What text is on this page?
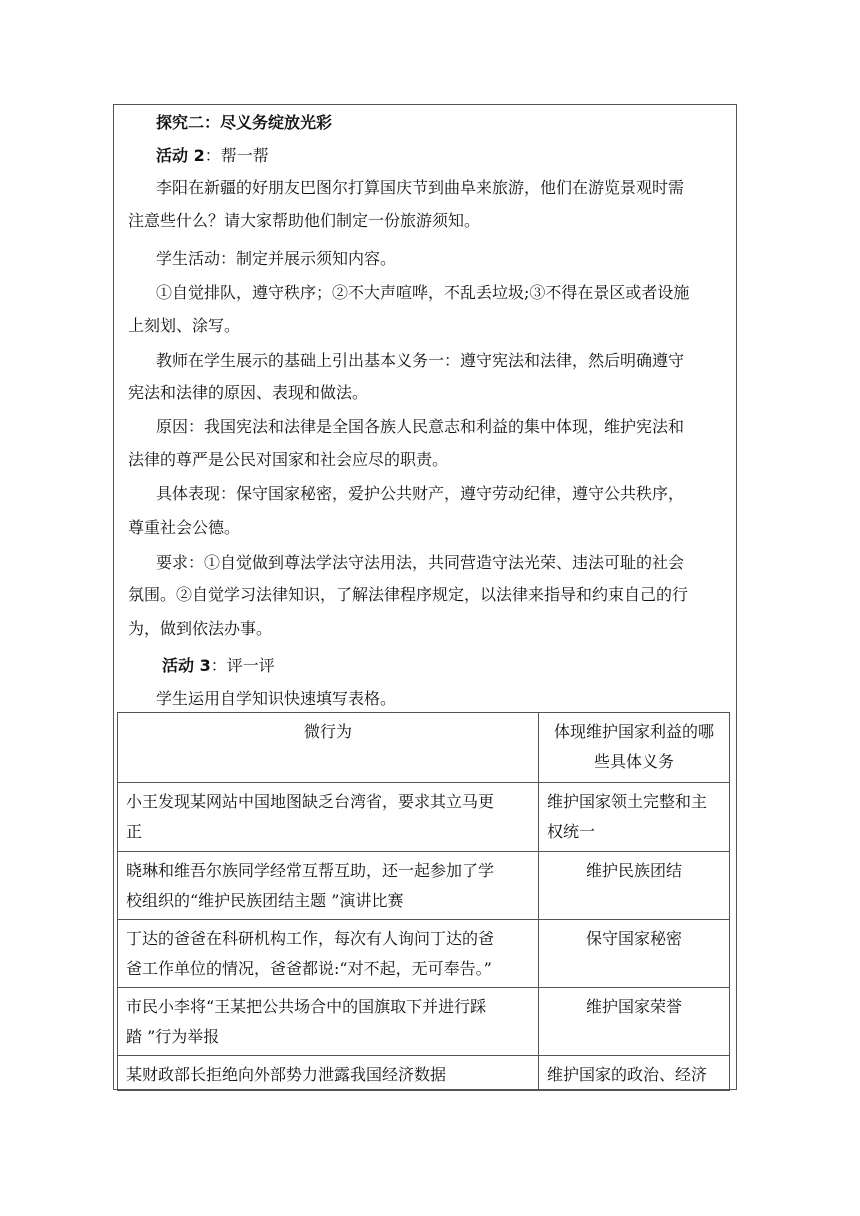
探究二：尽义务绽放光彩
活动 2：帮一帮
李阳在新疆的好朋友巴图尔打算国庆节到曲阜来旅游，他们在游览景观时需
注意些什么？请大家帮助他们制定一份旅游须知。
学生活动：制定并展示须知内容。
①自觉排队，遵守秩序；②不大声喧哗，不乱丢垃圾;③不得在景区或者设施
上刻划、涂写。
教师在学生展示的基础上引出基本义务一：遵守宪法和法律，然后明确遵守
宪法和法律的原因、表现和做法。
原因：我国宪法和法律是全国各族人民意志和利益的集中体现，维护宪法和
法律的尊严是公民对国家和社会应尽的职责。
具体表现：保守国家秘密，爱护公共财产，遵守劳动纪律，遵守公共秩序，
尊重社会公德。
要求：①自觉做到尊法学法守法用法，共同营造守法光荣、违法可耻的社会
氛围。②自觉学习法律知识，了解法律程序规定，以法律来指导和约束自己的行
为，做到依法办事。
活动 3：评一评
学生运用自学知识快速填写表格。
微行为	体现维护国家利益的哪
些具体义务

小王发现某网站中国地图缺乏台湾省，要求其立马更
正	维护国家领土完整和主
权统一

晓琳和维吾尔族同学经常互帮互助，还一起参加了学
校组织的“维护民族团结主题 ”演讲比赛	维护民族团结

丁达的爸爸在科研机构工作，每次有人询问丁达的爸
爸工作单位的情况，爸爸都说:“对不起，无可奉告。”	保守国家秘密

市民小李将“王某把公共场合中的国旗取下并进行踩
踏 ”行为举报	维护国家荣誉

某财政部长拒绝向外部势力泄露我国经济数据	维护国家的政治、经济
